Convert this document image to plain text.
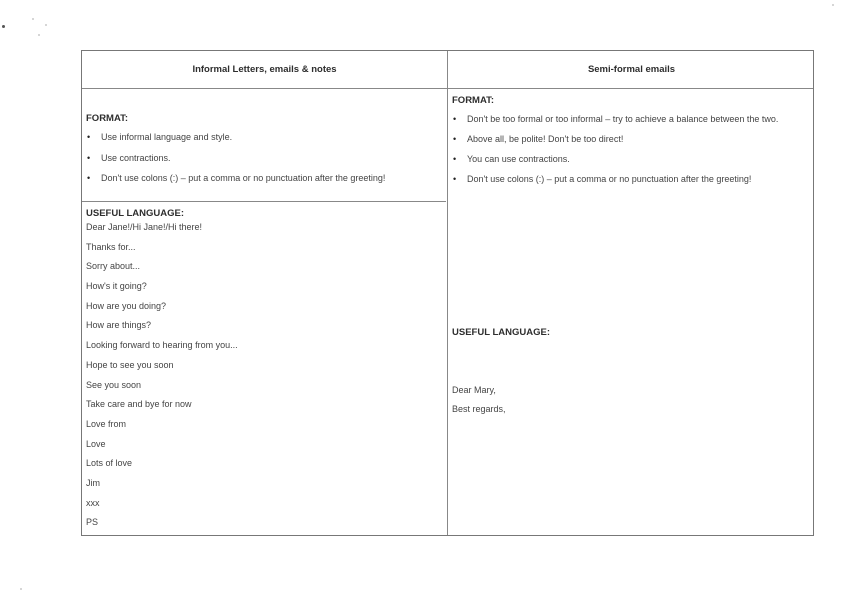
Informal Letters, emails & notes	Semi-formal emails
FORMAT:
• Use informal language and style.
• Use contractions.
• Don't use colons (:) – put a comma or no punctuation after the greeting!
FORMAT:
• Don't be too formal or too informal – try to achieve a balance between the two.
• Above all, be polite! Don't be too direct!
• You can use contractions.
• Don't use colons (:) – put a comma or no punctuation after the greeting!
USEFUL LANGUAGE:
Dear Jane!/Hi Jane!/Hi there!
Thanks for...
Sorry about...
How's it going?
How are you doing?
How are things?
Looking forward to hearing from you...
Hope to see you soon
See you soon
Take care and bye for now
Love from
Love
Lots of love
Jim
xxx
PS
USEFUL LANGUAGE:
Dear Mary,
Best regards,
